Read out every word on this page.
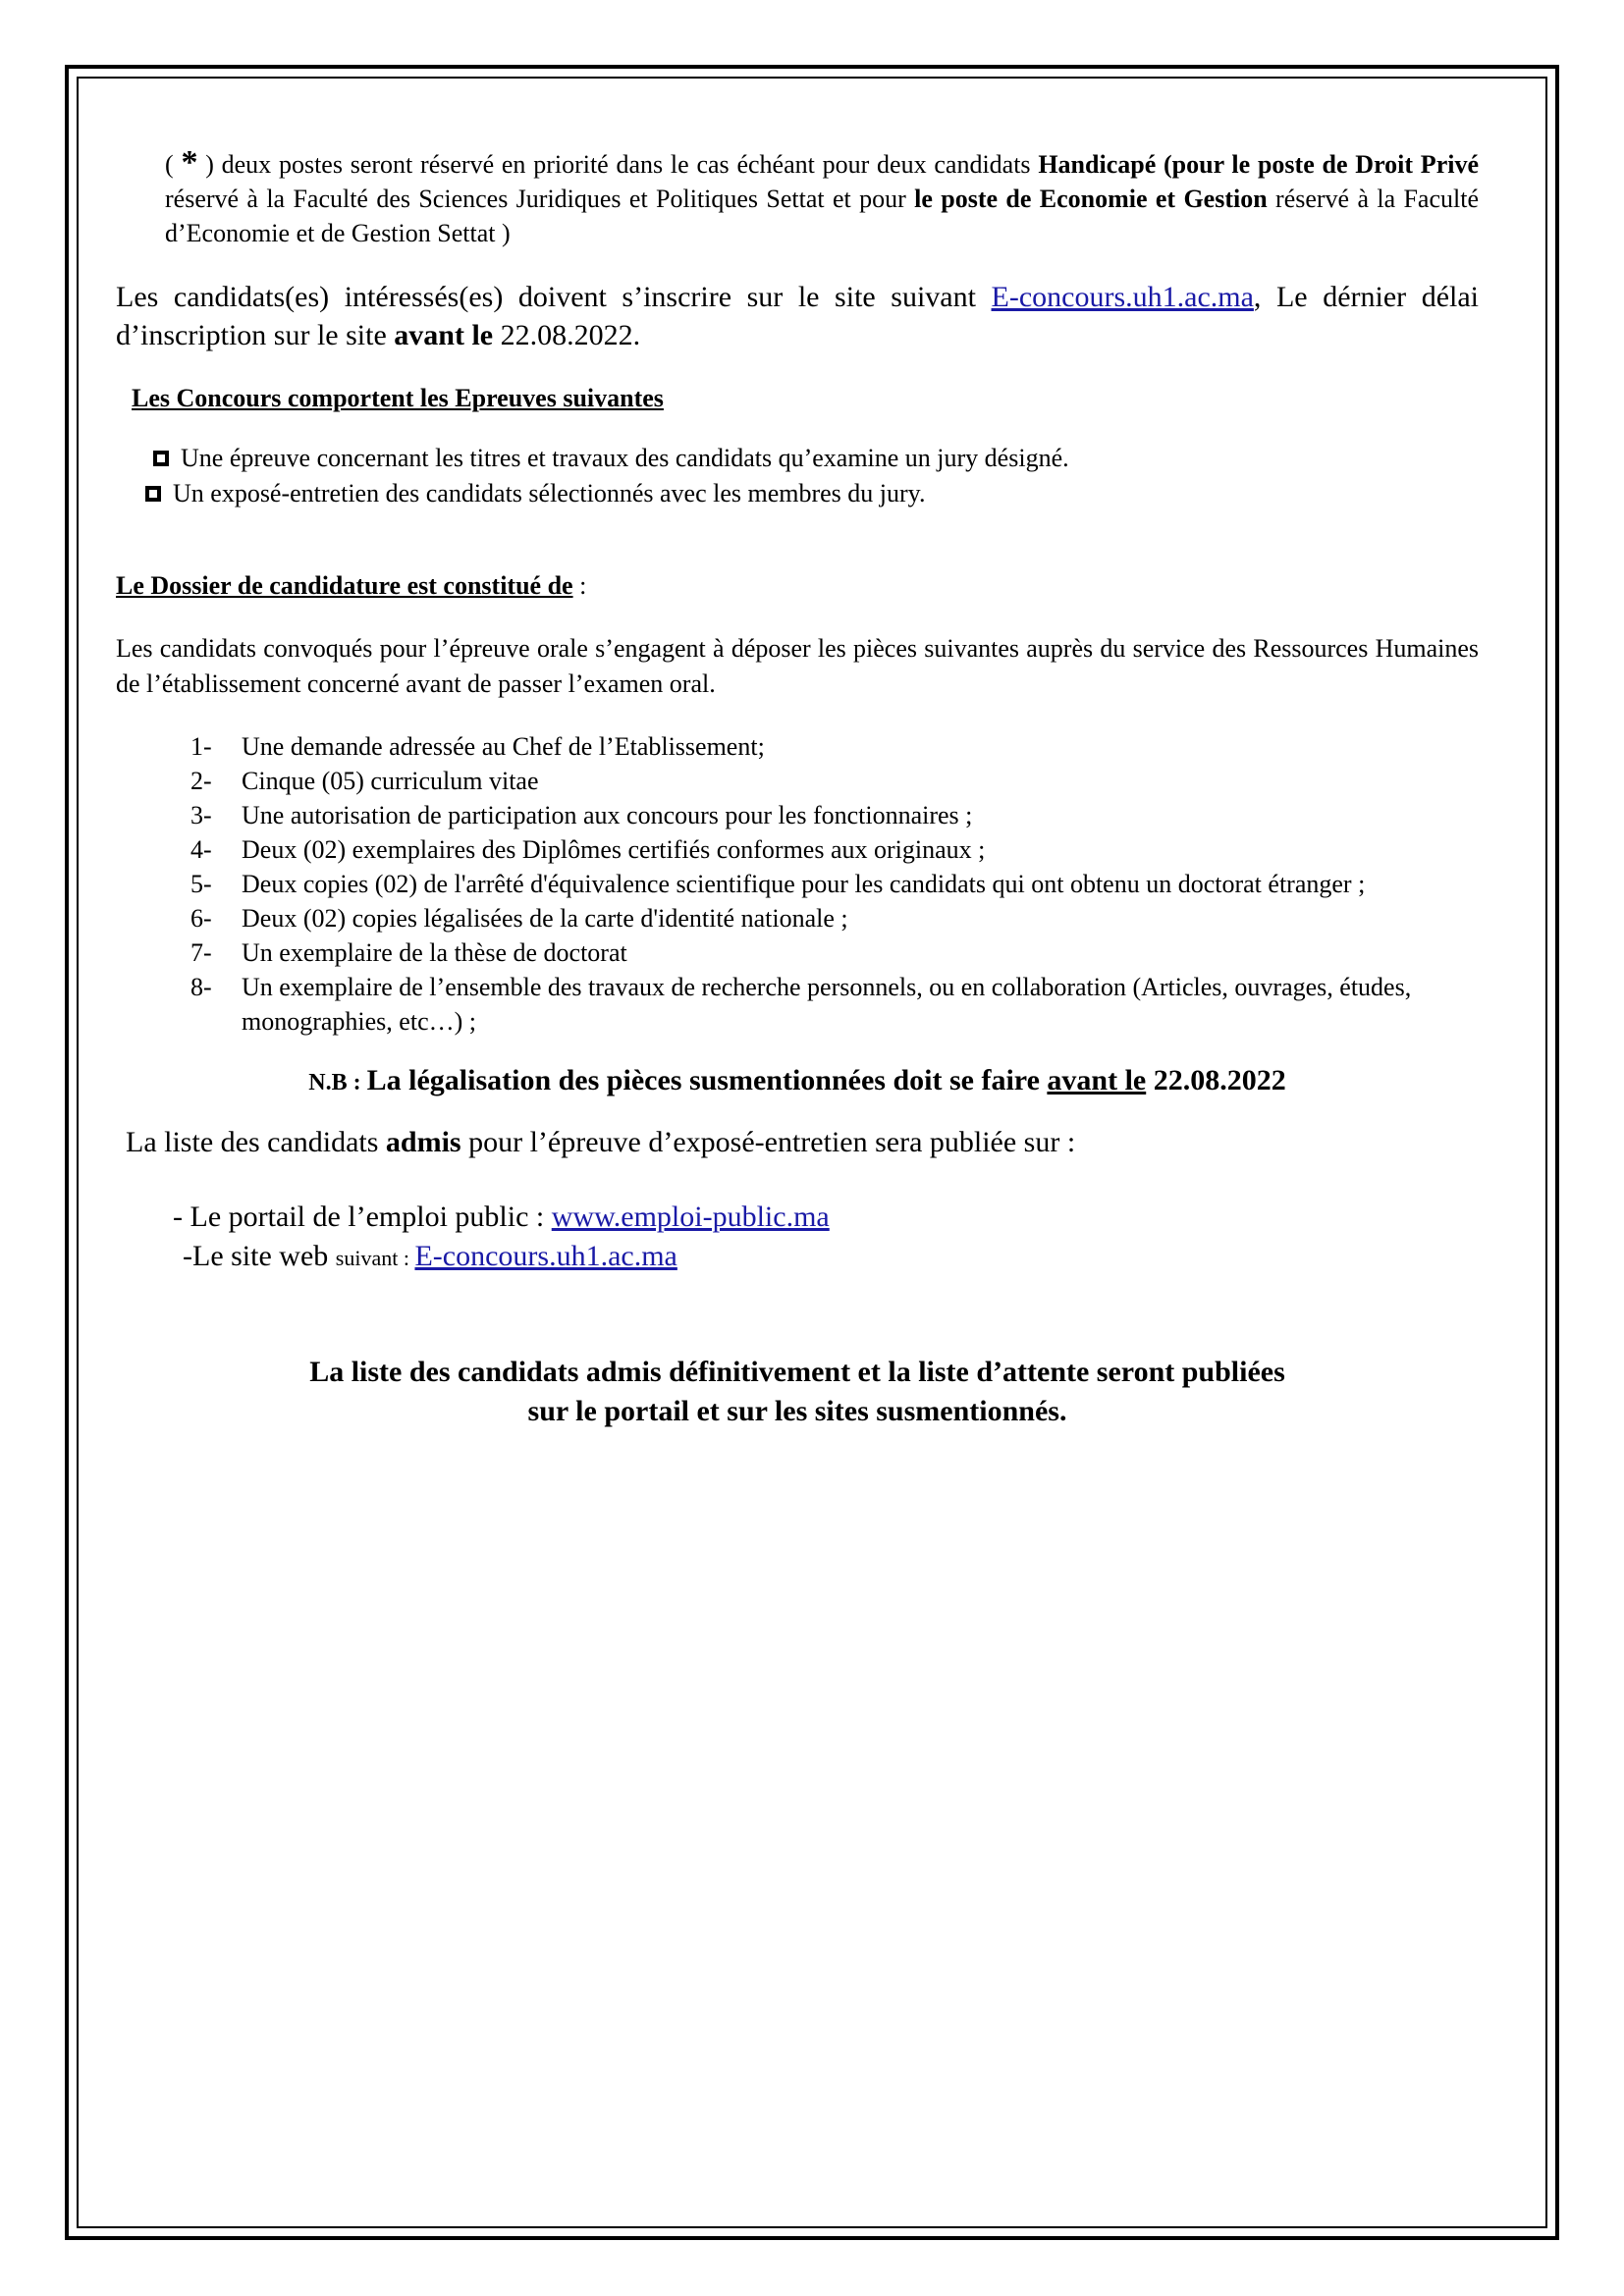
( * ) deux postes seront réservé en priorité dans le cas échéant pour deux candidats Handicapé (pour le poste de Droit Privé réservé à la Faculté des Sciences Juridiques et Politiques Settat et pour le poste de Economie et Gestion réservé à la Faculté d’Economie et de Gestion Settat )
Les candidats(es) intéressés(es) doivent s’inscrire sur le site suivant E-concours.uh1.ac.ma, Le dérnier délai d’inscription sur le site avant le 22.08.2022.
Les Concours comportent les Epreuves suivantes
Une épreuve concernant les titres et travaux des candidats qu’examine un jury désigné.
Un exposé-entretien des candidats sélectionnés avec les membres du jury.
Le Dossier de candidature est constitué de :
Les candidats convoqués pour l’épreuve orale s’engagent à déposer les pièces suivantes auprès du service des Ressources Humaines de l’établissement concerné avant de passer l’examen oral.
1-	Une demande adressée au Chef de l’Etablissement;
2-	Cinque (05) curriculum vitae
3-	Une autorisation de participation aux concours pour les fonctionnaires ;
4-	Deux (02) exemplaires des Diplômes certifiés conformes aux originaux ;
5-	Deux copies (02) de l'arrêté d'équivalence scientifique pour les candidats qui ont obtenu un doctorat étranger ;
6-	Deux (02) copies légalisées de la carte d'identité nationale ;
7-	Un exemplaire de la thèse de doctorat
8-	Un exemplaire de l’ensemble des travaux de recherche personnels, ou en collaboration (Articles, ouvrages, études, monographies, etc…) ;
N.B : La légalisation des pièces susmentionnées doit se faire avant le 22.08.2022
La liste des candidats admis pour l’épreuve d’exposé-entretien sera publiée sur :
- Le portail de l’emploi public : www.emploi-public.ma
-Le site web suivant : E-concours.uh1.ac.ma
La liste des candidats admis définitivement et la liste d’attente seront publiées
sur le portail et sur les sites susmentionnés.
